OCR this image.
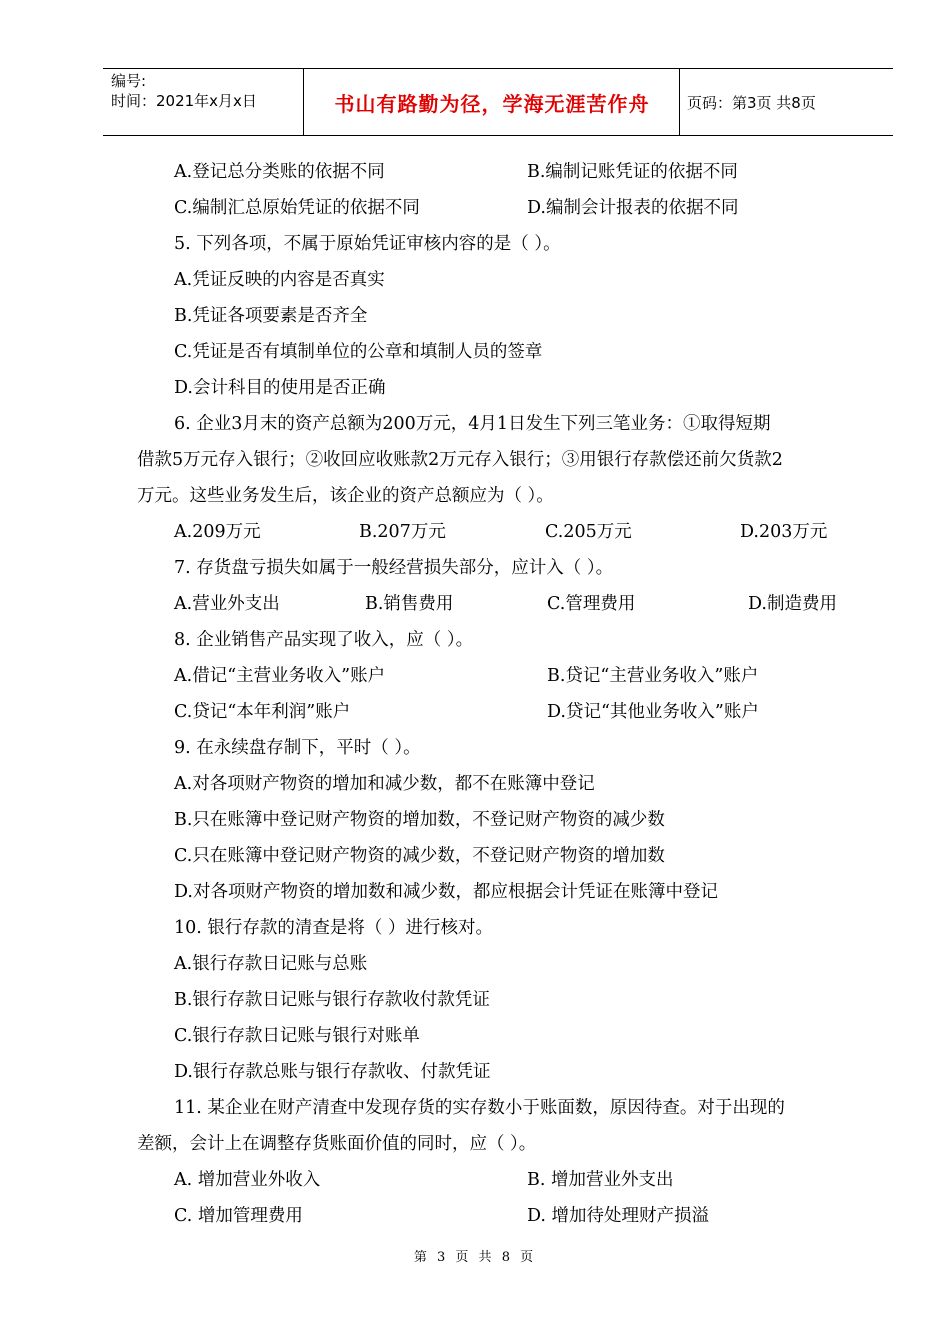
编号:
时间：2021年x月x日	书山有路勤为径，学海无涯苦作舟	页码：第3页 共8页
A.登记总分类账的依据不同	B.编制记账凭证的依据不同
C.编制汇总原始凭证的依据不同	D.编制会计报表的依据不同
5. 下列各项，不属于原始凭证审核内容的是（ ）。
A.凭证反映的内容是否真实
B.凭证各项要素是否齐全
C.凭证是否有填制单位的公章和填制人员的签章
D.会计科目的使用是否正确
6. 企业3月末的资产总额为200万元，4月1日发生下列三笔业务：①取得短期
借款5万元存入银行；②收回应收账款2万元存入银行；③用银行存款偿还前欠货款2
万元。这些业务发生后，该企业的资产总额应为（ ）。
A.209万元	B.207万元	C.205万元	D.203万元
7. 存货盘亏损失如属于一般经营损失部分，应计入（ ）。
A.营业外支出	B.销售费用	C.管理费用	D.制造费用
8. 企业销售产品实现了收入，应（ ）。
A.借记“主营业务收入”账户	B.贷记“主营业务收入”账户
C.贷记“本年利润”账户	D.贷记“其他业务收入”账户
9. 在永续盘存制下，平时（ ）。
A.对各项财产物资的增加和减少数，都不在账簿中登记
B.只在账簿中登记财产物资的增加数，不登记财产物资的减少数
C.只在账簿中登记财产物资的减少数，不登记财产物资的增加数
D.对各项财产物资的增加数和减少数，都应根据会计凭证在账簿中登记
10. 银行存款的清查是将（ ）进行核对。
A.银行存款日记账与总账
B.银行存款日记账与银行存款收付款凭证
C.银行存款日记账与银行对账单
D.银行存款总账与银行存款收、付款凭证
11. 某企业在财产清查中发现存货的实存数小于账面数，原因待查。对于出现的
差额，会计上在调整存货账面价值的同时，应（ ）。
A. 增加营业外收入	B. 增加营业外支出
C. 增加管理费用	D. 增加待处理财产损溢
第 3 页 共 8 页
